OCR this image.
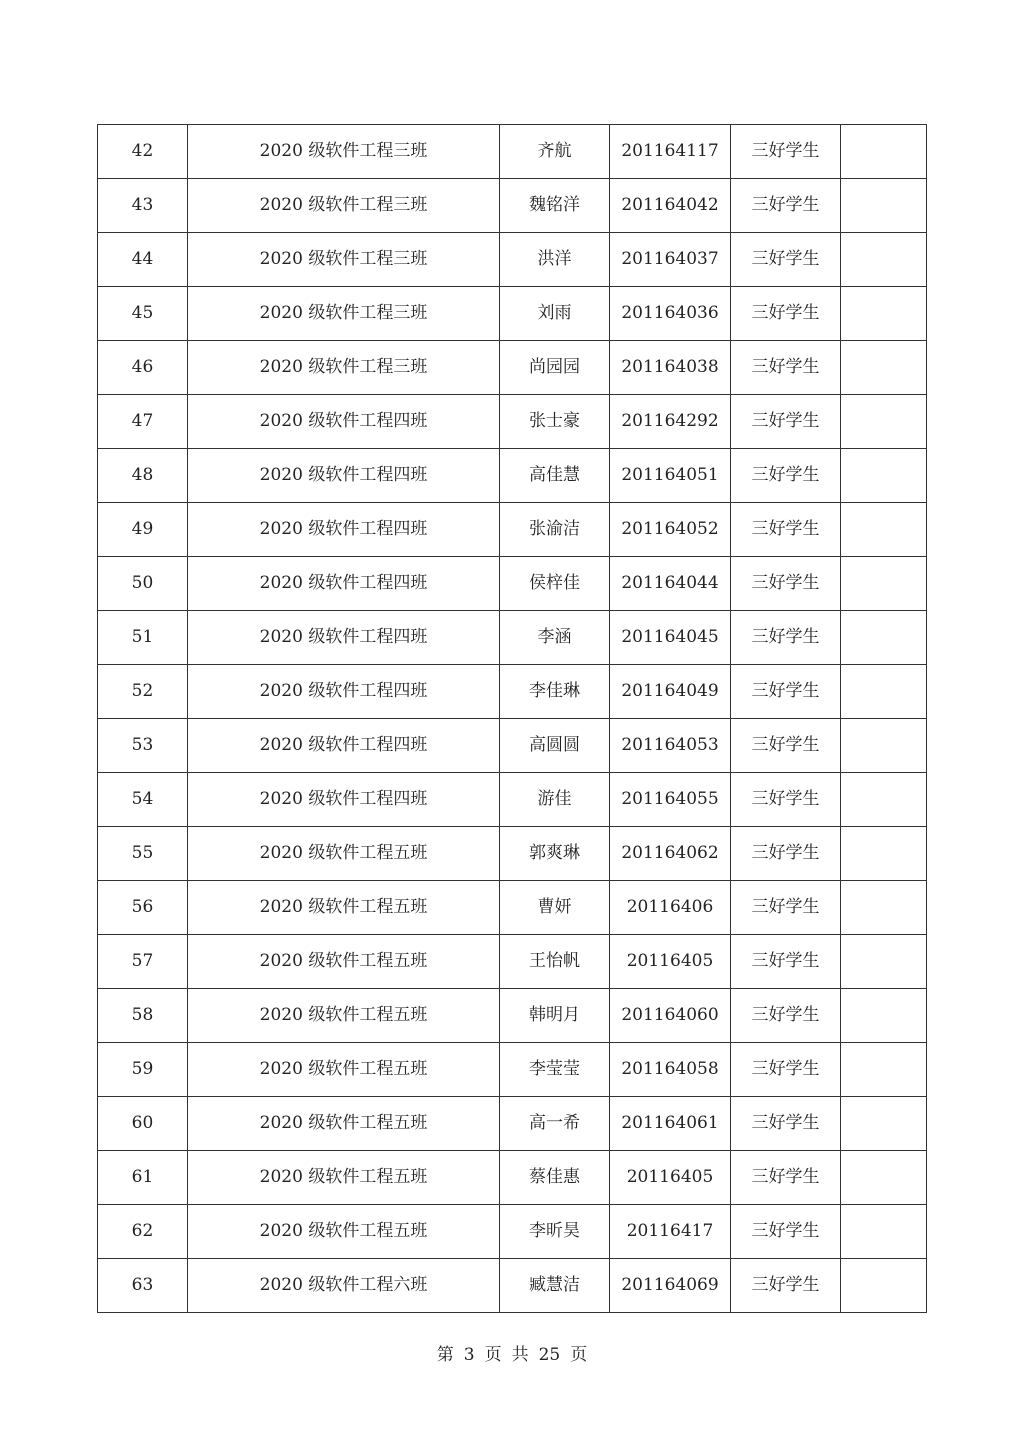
42	2020 级软件工程三班	齐航	201164117	三好学生	
43	2020 级软件工程三班	魏铭洋	201164042	三好学生	
44	2020 级软件工程三班	洪洋	201164037	三好学生	
45	2020 级软件工程三班	刘雨	201164036	三好学生	
46	2020 级软件工程三班	尚园园	201164038	三好学生	
47	2020 级软件工程四班	张士豪	201164292	三好学生	
48	2020 级软件工程四班	高佳慧	201164051	三好学生	
49	2020 级软件工程四班	张渝洁	201164052	三好学生	
50	2020 级软件工程四班	侯梓佳	201164044	三好学生	
51	2020 级软件工程四班	李涵	201164045	三好学生	
52	2020 级软件工程四班	李佳琳	201164049	三好学生	
53	2020 级软件工程四班	高圆圆	201164053	三好学生	
54	2020 级软件工程四班	游佳	201164055	三好学生	
55	2020 级软件工程五班	郭爽琳	201164062	三好学生	
56	2020 级软件工程五班	曹妍	20116406	三好学生	
57	2020 级软件工程五班	王怡帆	20116405	三好学生	
58	2020 级软件工程五班	韩明月	201164060	三好学生	
59	2020 级软件工程五班	李莹莹	201164058	三好学生	
60	2020 级软件工程五班	高一希	201164061	三好学生	
61	2020 级软件工程五班	蔡佳惠	20116405	三好学生	
62	2020 级软件工程五班	李昕昊	20116417	三好学生	
63	2020 级软件工程六班	臧慧洁	201164069	三好学生	
第 3 页 共 25 页
